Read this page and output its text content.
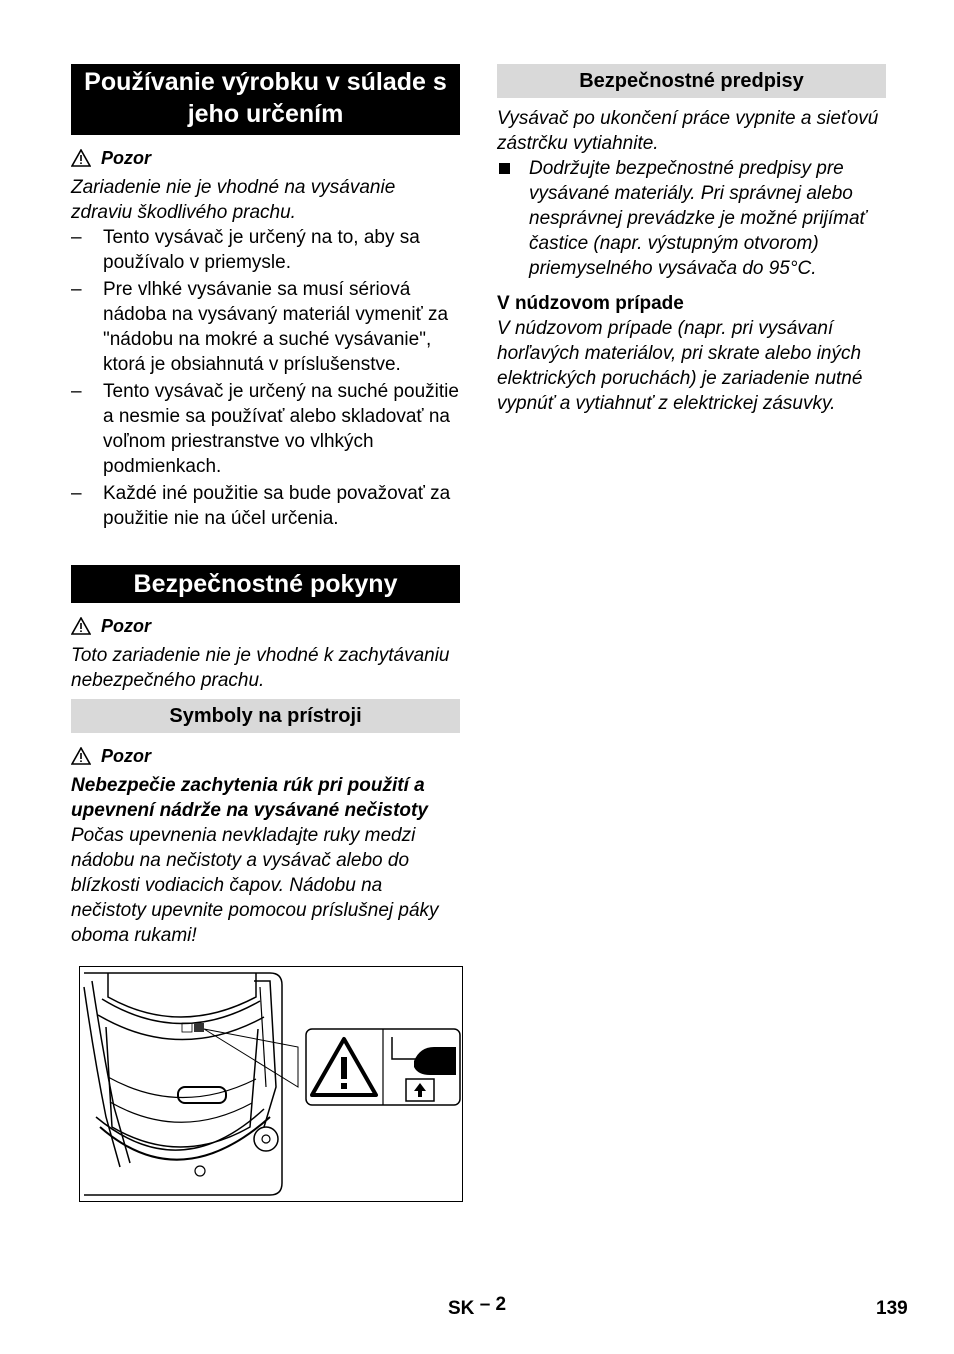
Používanie výrobku v súlade s jeho určením
Pozor
Zariadenie nie je vhodné na vysávanie zdraviu škodlivého prachu.
– Tento vysávač je určený na to, aby sa používalo v priemysle.
– Pre vlhké vysávanie sa musí sériová nádoba na vysávaný materiál vymeniť za "nádobu na mokré a suché vysávanie", ktorá je obsiahnutá v príslušenstve.
– Tento vysávač je určený na suché použitie a nesmie sa používať alebo skladovať na voľnom priestranstve vo vlhkých podmienkach.
– Každé iné použitie sa bude považovať za použitie nie na účel určenia.
Bezpečnostné pokyny
Pozor
Toto zariadenie nie je vhodné k zachytávaniu nebezpečného prachu.
Symboly na prístroji
Pozor
Nebezpečie zachytenia rúk pri použití a upevnení nádrže na vysávané nečistoty
Počas upevnenia nevkladajte ruky medzi nádobu na nečistoty a vysávač alebo do blízkosti vodiacich čapov. Nádobu na nečistoty upevnite pomocou príslušnej páky oboma rukami!
Bezpečnostné predpisy
Vysávač po ukončení práce vypnite a sieťovú zástrčku vytiahnite.
Dodržujte bezpečnostné predpisy pre vysávané materiály. Pri správnej alebo nesprávnej prevádzke je možné prijímať častice (napr. výstupným otvorom) priemyselného vysávača do 95°C.
V núdzovom prípade
V núdzovom prípade (napr. pri vysávaní horľavých materiálov, pri skrate alebo iných elektrických poruchách) je zariadenie nutné vypnúť a vytiahnuť z elektrickej zásuvky.
SK – 2	139
